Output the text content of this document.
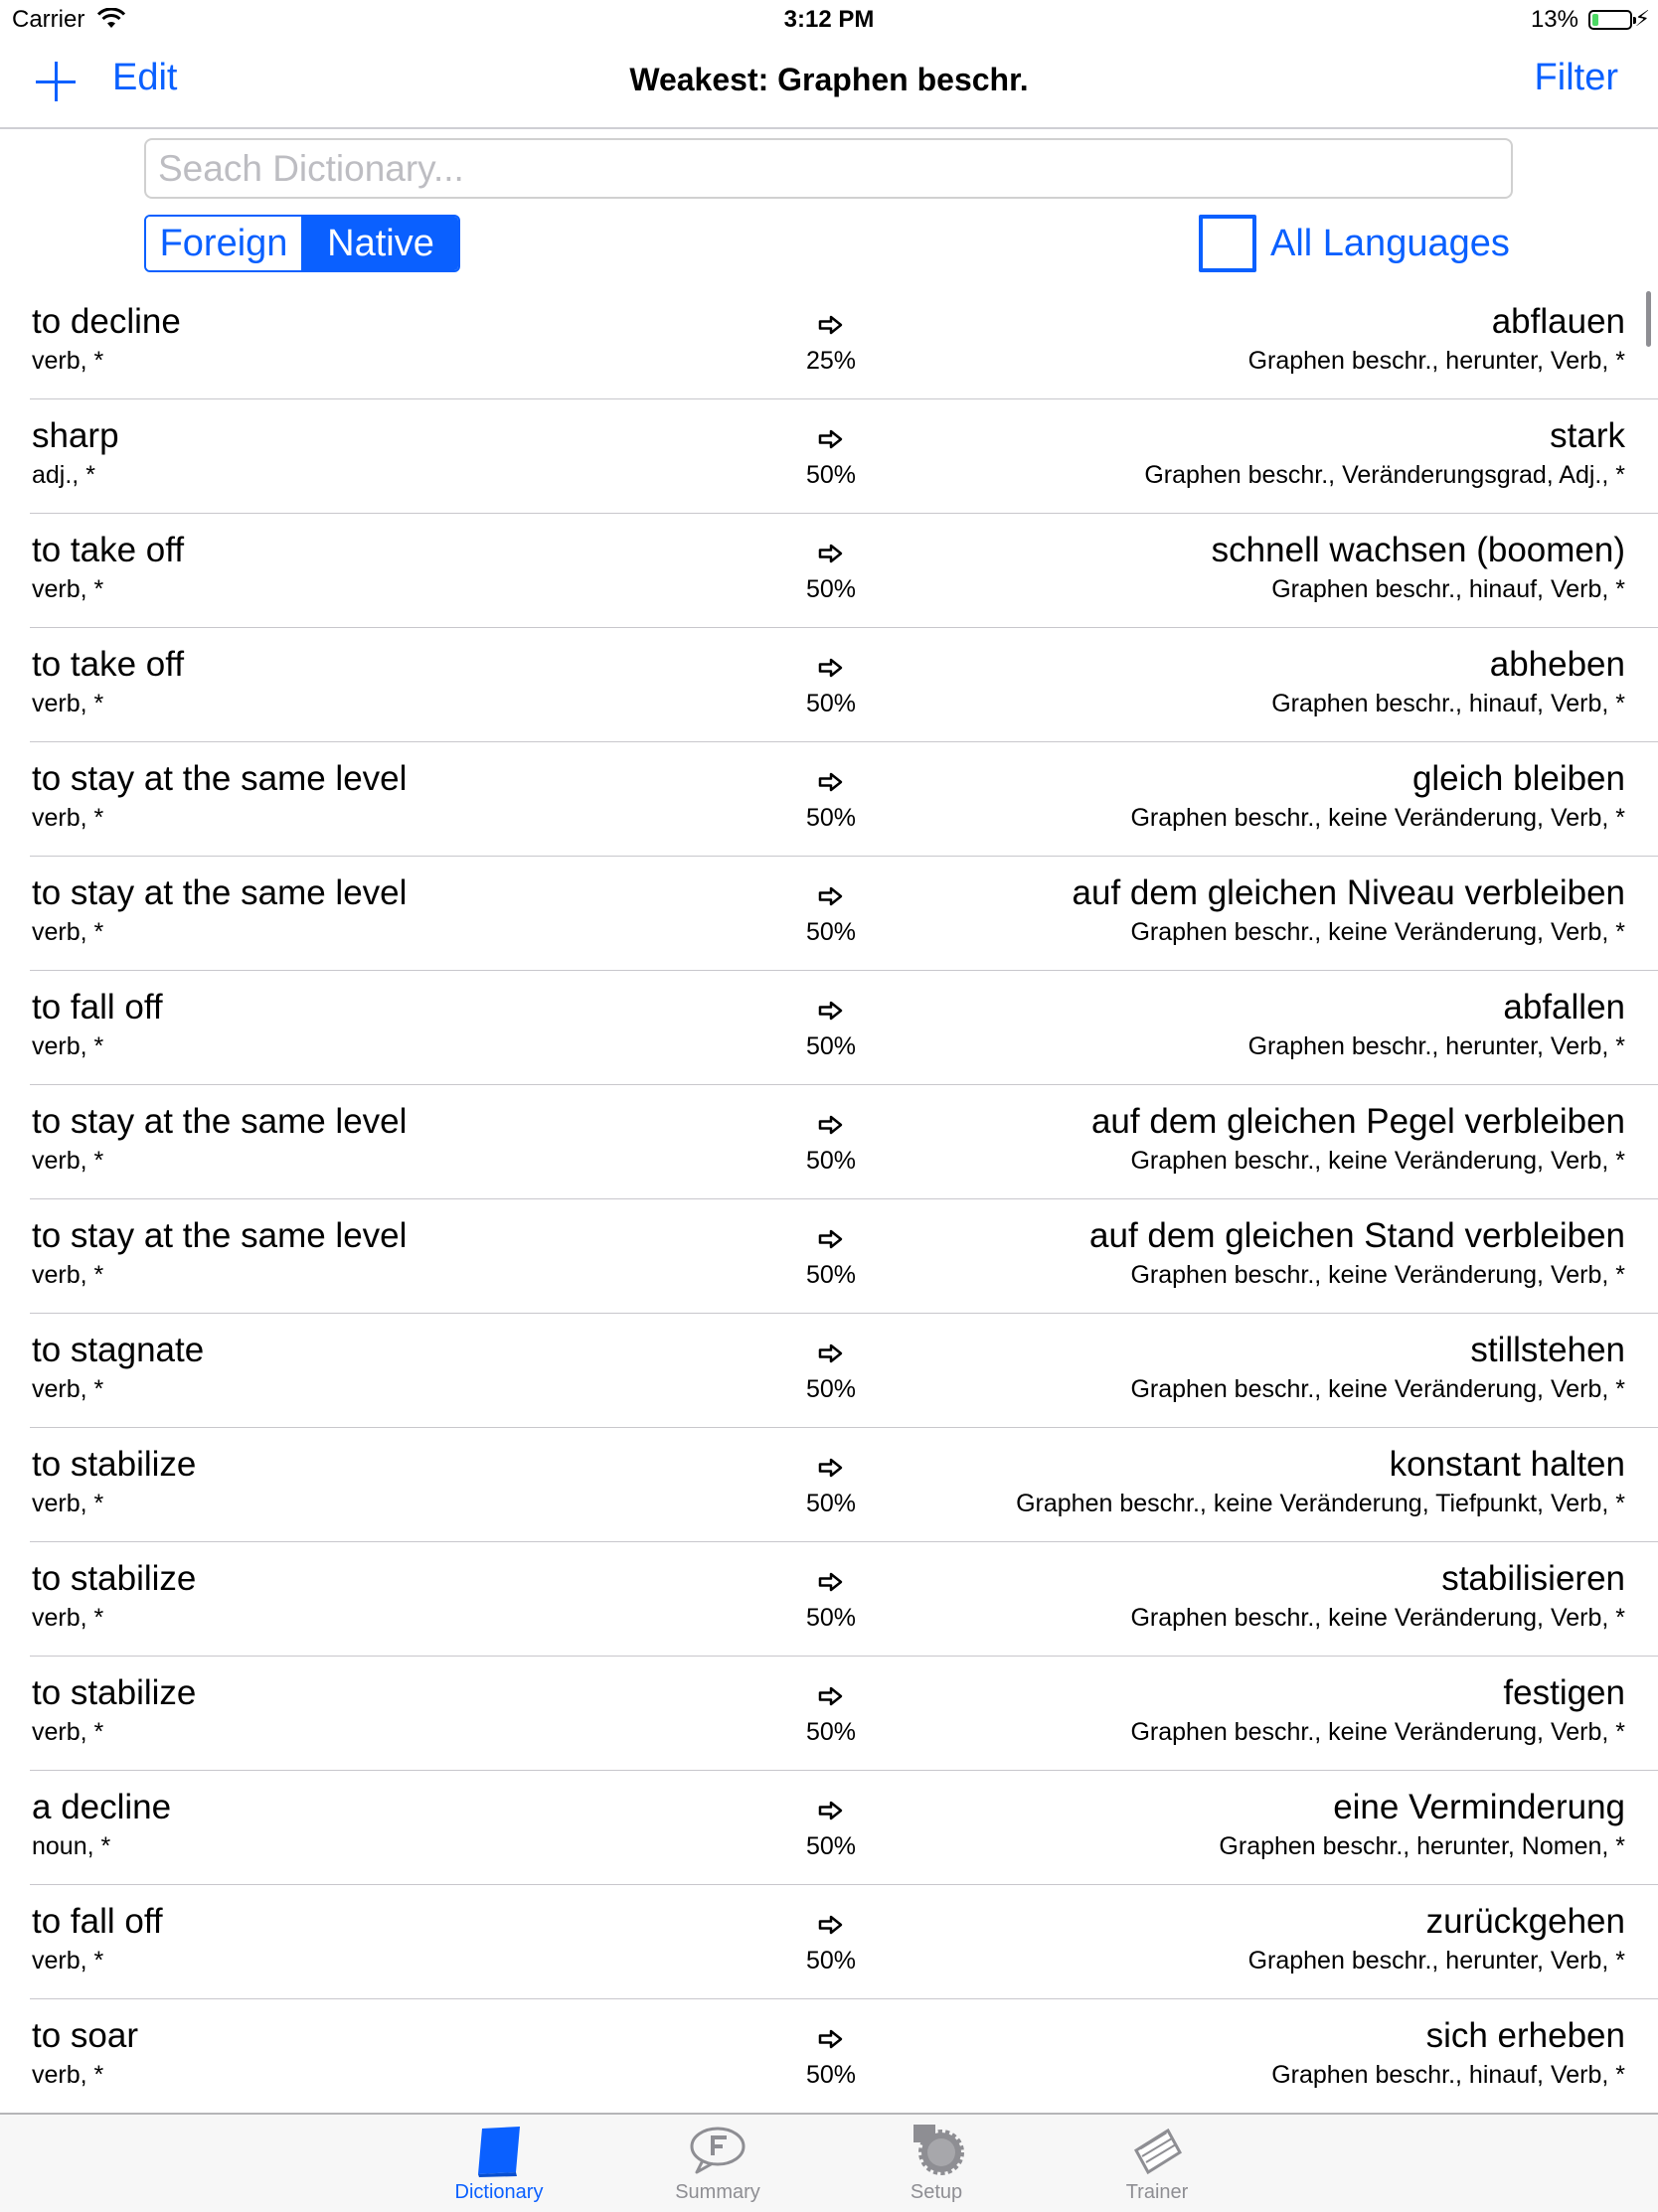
Carrier	3:12 PM	13%	⚡
Edit	Weakest: Graphen beschr.	Filter
Seach Dictionary...
Foreign	Native	All Languages
to decline
verb, *	25%
abflauen
Graphen beschr., herunter, Verb, *
sharp
adj., *	50%
stark
Graphen beschr., Veränderungsgrad, Adj., *
to take off
verb, *	50%
schnell wachsen (boomen)
Graphen beschr., hinauf, Verb, *
to take off
verb, *	50%
abheben
Graphen beschr., hinauf, Verb, *
to stay at the same level
verb, *	50%
gleich bleiben
Graphen beschr., keine Veränderung, Verb, *
to stay at the same level
verb, *	50%
auf dem gleichen Niveau verbleiben
Graphen beschr., keine Veränderung, Verb, *
to fall off
verb, *	50%
abfallen
Graphen beschr., herunter, Verb, *
to stay at the same level
verb, *	50%
auf dem gleichen Pegel verbleiben
Graphen beschr., keine Veränderung, Verb, *
to stay at the same level
verb, *	50%
auf dem gleichen Stand verbleiben
Graphen beschr., keine Veränderung, Verb, *
to stagnate
verb, *	50%
stillstehen
Graphen beschr., keine Veränderung, Verb, *
to stabilize
verb, *	50%
konstant halten
Graphen beschr., keine Veränderung, Tiefpunkt, Verb, *
to stabilize
verb, *	50%
stabilisieren
Graphen beschr., keine Veränderung, Verb, *
to stabilize
verb, *	50%
festigen
Graphen beschr., keine Veränderung, Verb, *
a decline
noun, *	50%
eine Verminderung
Graphen beschr., herunter, Nomen, *
to fall off
verb, *	50%
zurückgehen
Graphen beschr., herunter, Verb, *
to soar
verb, *	50%
sich erheben
Graphen beschr., hinauf, Verb, *
Dictionary	Summary	Setup	Trainer
